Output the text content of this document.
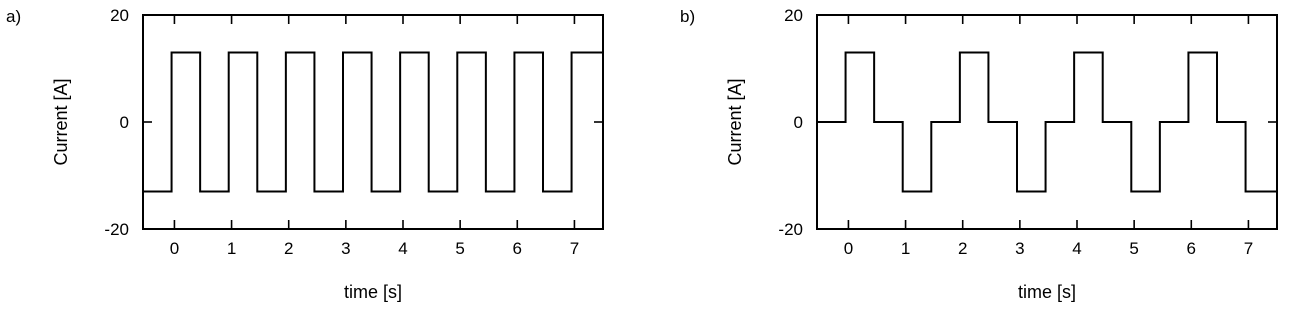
a)
Current [A]
time [s]
0	1	2	3	4	5	6	7
-20
0
20	b)
Current [A]
time [s]
0	1	2	3	4	5	6	7
-20
0
20
